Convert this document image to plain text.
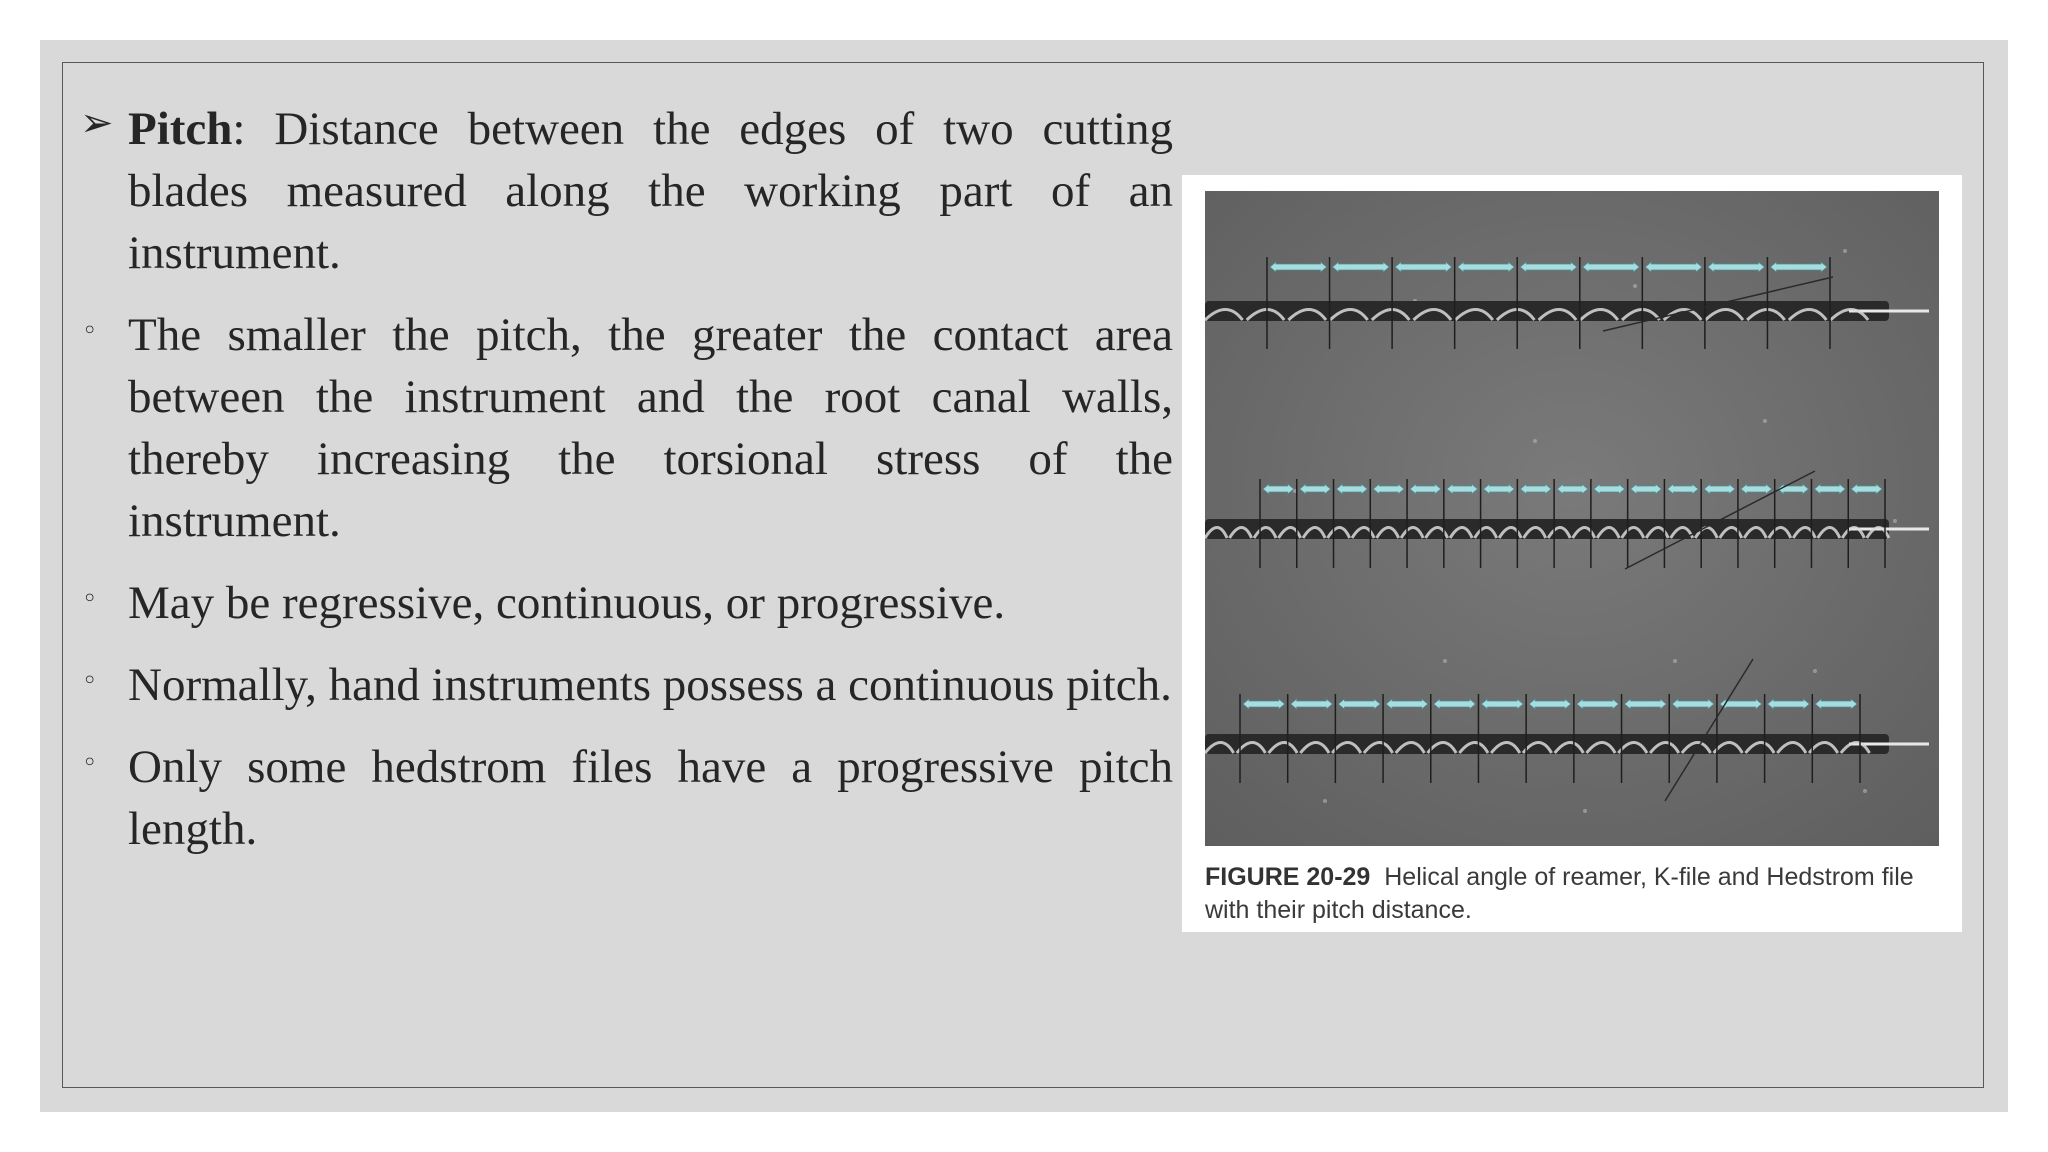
➢ Pitch: Distance between the edges of two cutting blades measured along the working part of an instrument.

◦ The smaller the pitch, the greater the contact area between the instrument and the root canal walls, thereby increasing the torsional stress of the instrument.

◦ May be regressive, continuous, or progressive.

◦ Normally, hand instruments possess a continuous pitch.

◦ Only some hedstrom files have a progressive pitch length.

FIGURE 20-29 Helical angle of reamer, K-file and Hedstrom file with their pitch distance.
